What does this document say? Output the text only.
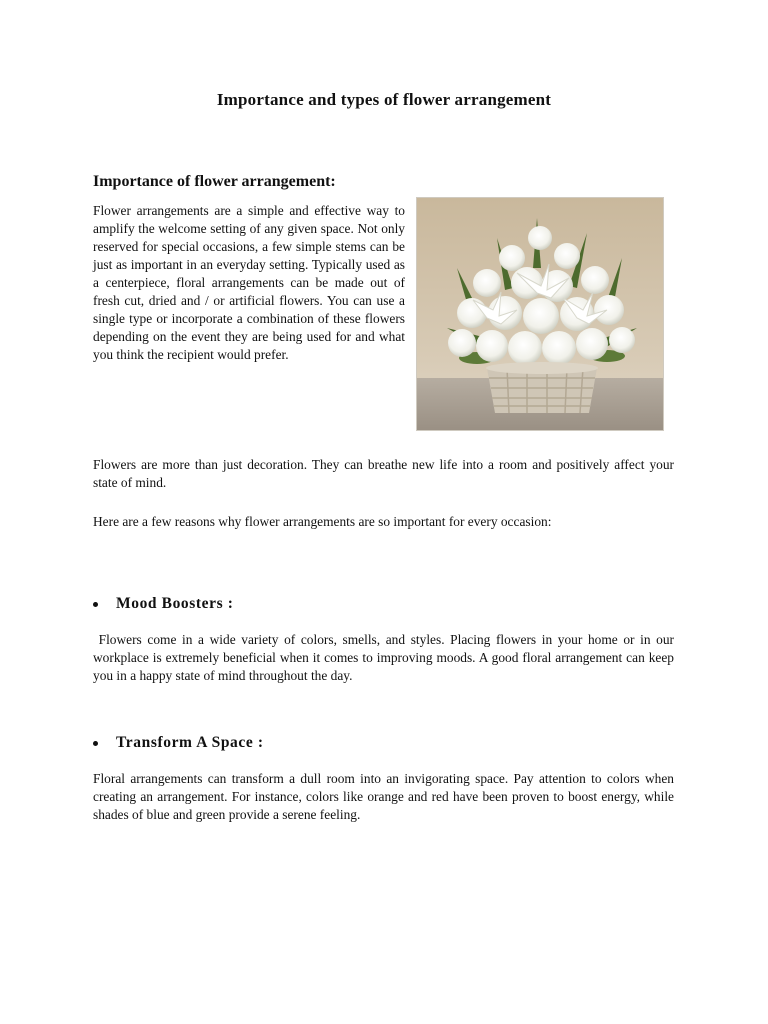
Importance and types of flower arrangement
Importance of flower arrangement:

Flower arrangements are a simple and effective way to amplify the welcome setting of any given space. Not only reserved for special occasions, a few simple stems can be just as important in an everyday setting. Typically used as a centerpiece, floral arrangements can be made out of fresh cut, dried and / or artificial flowers. You can use a single type or incorporate a combination of these flowers depending on the event they are being used for and what you think the recipient would prefer.

Flowers are more than just decoration. They can breathe new life into a room and positively affect your state of mind.

Here are a few reasons why flower arrangements are so important for every occasion:

Mood Boosters :

Flowers come in a wide variety of colors, smells, and styles. Placing flowers in your home or in our workplace is extremely beneficial when it comes to improving moods. A good floral arrangement can keep you in a happy state of mind throughout the day.

Transform A Space :

Floral arrangements can transform a dull room into an invigorating space. Pay attention to colors when creating an arrangement. For instance, colors like orange and red have been proven to boost energy, while shades of blue and green provide a serene feeling.
